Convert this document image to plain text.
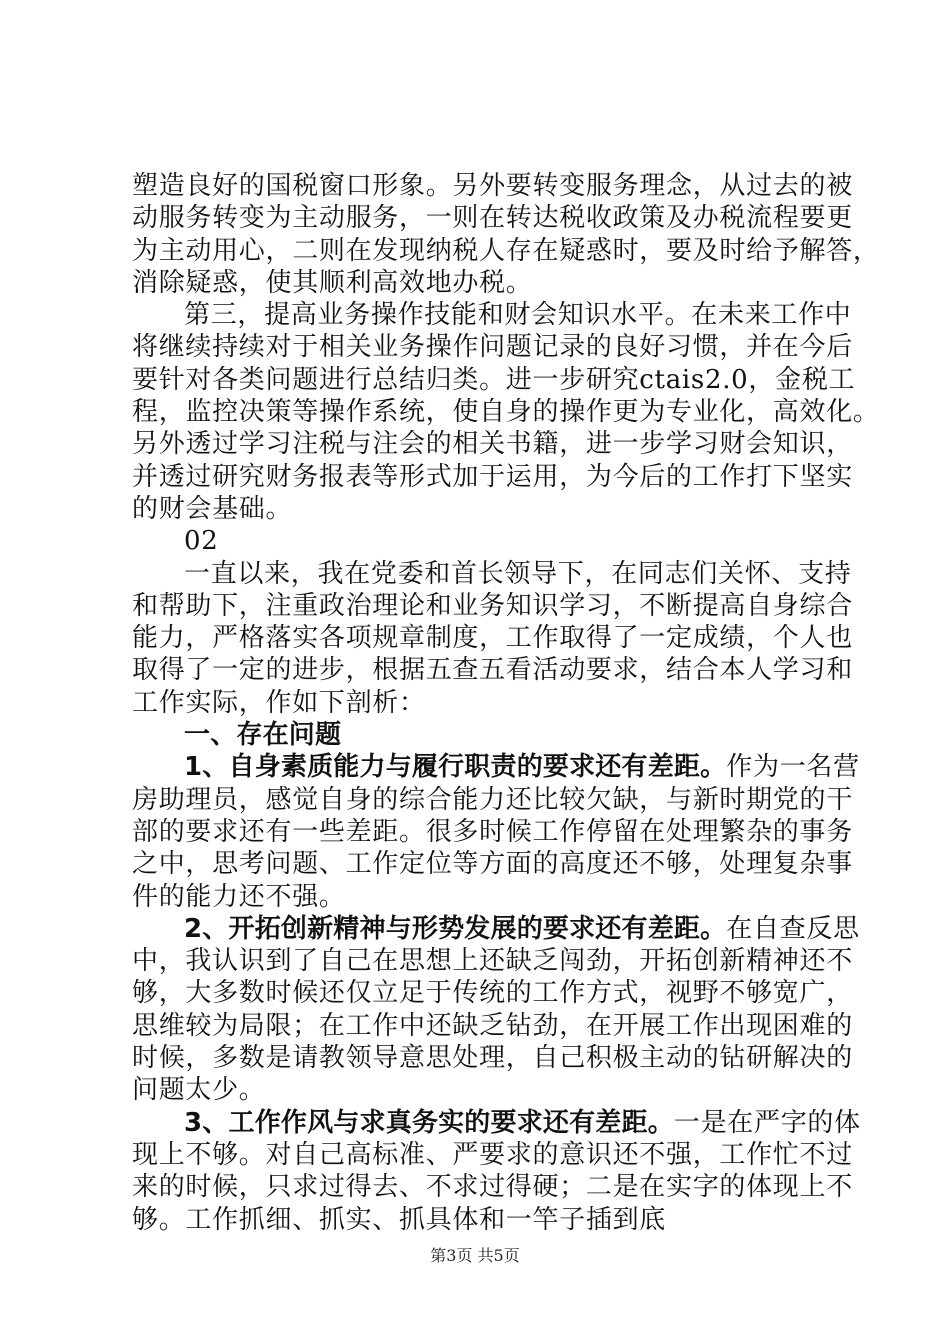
塑造良好的国税窗口形象。另外要转变服务理念，从过去的被
动服务转变为主动服务，一则在转达税收政策及办税流程要更
为主动用心，二则在发现纳税人存在疑惑时，要及时给予解答，
消除疑惑，使其顺利高效地办税。
第三，提高业务操作技能和财会知识水平。在未来工作中
将继续持续对于相关业务操作问题记录的良好习惯，并在今后
要针对各类问题进行总结归类。进一步研究ctais2.0，金税工
程，监控决策等操作系统，使自身的操作更为专业化，高效化。
另外透过学习注税与注会的相关书籍，进一步学习财会知识，
并透过研究财务报表等形式加于运用，为今后的工作打下坚实
的财会基础。
02
一直以来，我在党委和首长领导下，在同志们关怀、支持
和帮助下，注重政治理论和业务知识学习，不断提高自身综合
能力，严格落实各项规章制度，工作取得了一定成绩，个人也
取得了一定的进步，根据五查五看活动要求，结合本人学习和
工作实际，作如下剖析：
一、存在问题
1、自身素质能力与履行职责的要求还有差距。作为一名营
房助理员，感觉自身的综合能力还比较欠缺，与新时期党的干
部的要求还有一些差距。很多时候工作停留在处理繁杂的事务
之中，思考问题、工作定位等方面的高度还不够，处理复杂事
件的能力还不强。
2、开拓创新精神与形势发展的要求还有差距。在自查反思
中，我认识到了自己在思想上还缺乏闯劲，开拓创新精神还不
够，大多数时候还仅立足于传统的工作方式，视野不够宽广，
思维较为局限；在工作中还缺乏钻劲，在开展工作出现困难的
时候，多数是请教领导意思处理，自己积极主动的钻研解决的
问题太少。
3、工作作风与求真务实的要求还有差距。一是在严字的体
现上不够。对自己高标准、严要求的意识还不强，工作忙不过
来的时候，只求过得去、不求过得硬；二是在实字的体现上不
够。工作抓细、抓实、抓具体和一竿子插到底
第3页 共5页
